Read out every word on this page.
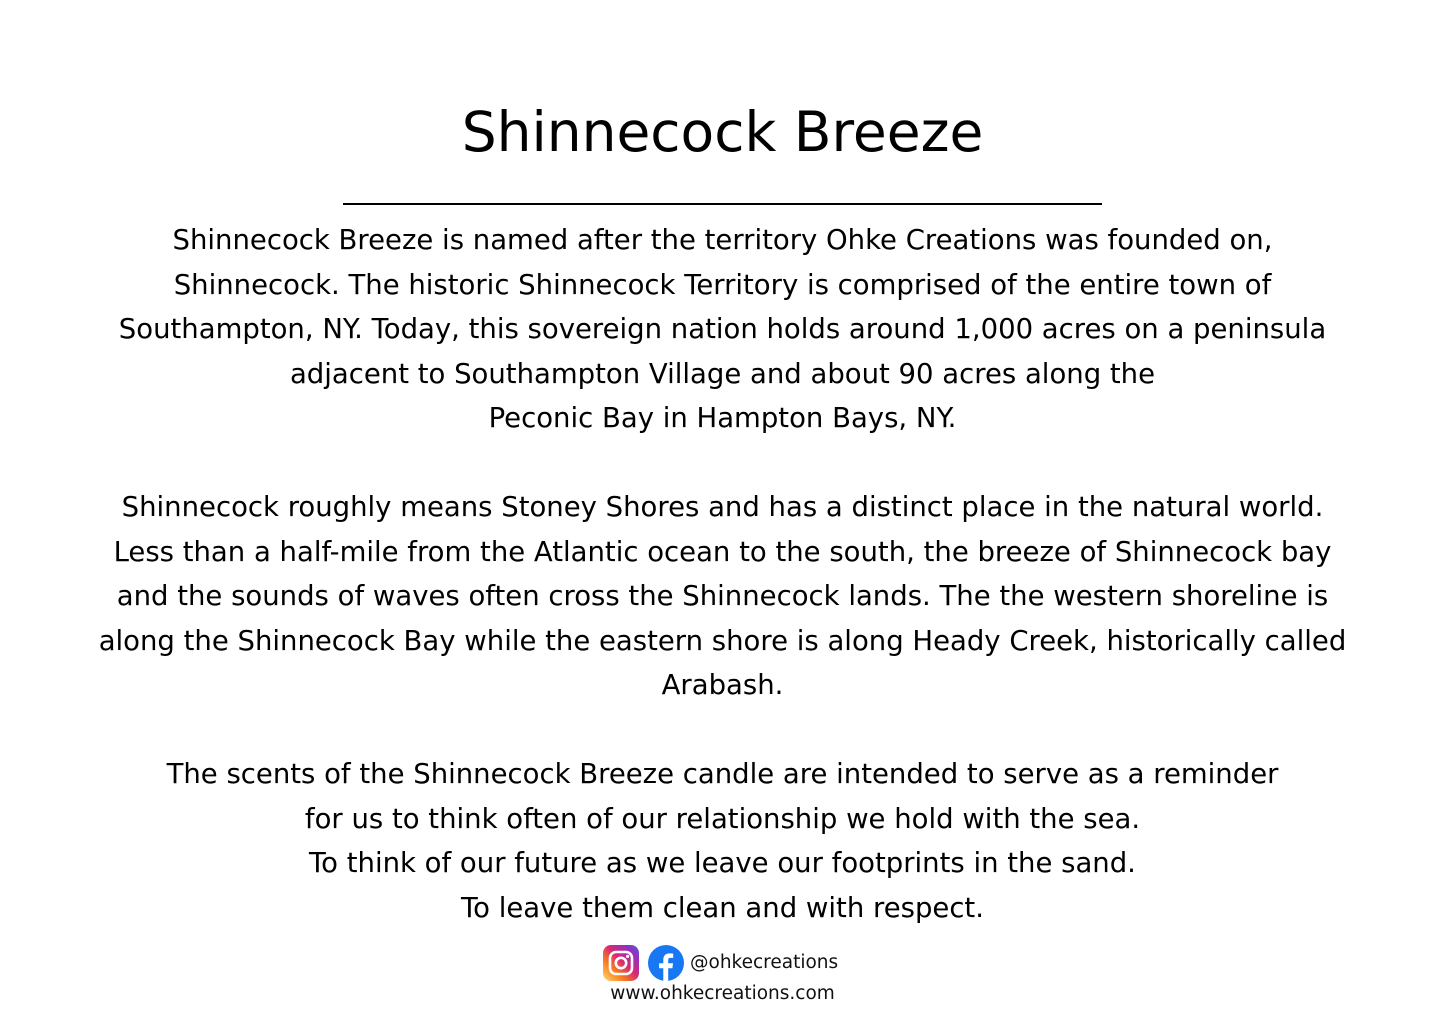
Shinnecock Breeze

Shinnecock Breeze is named after the territory Ohke Creations was founded on,
Shinnecock. The historic Shinnecock Territory is comprised of the entire town of
Southampton, NY. Today, this sovereign nation holds around 1,000 acres on a peninsula
adjacent to Southampton Village and about 90 acres along the
Peconic Bay in Hampton Bays, NY.

Shinnecock roughly means Stoney Shores and has a distinct place in the natural world.
Less than a half-mile from the Atlantic ocean to the south, the breeze of Shinnecock bay
and the sounds of waves often cross the Shinnecock lands. The the western shoreline is
along the Shinnecock Bay while the eastern shore is along Heady Creek, historically called
Arabash.

The scents of the Shinnecock Breeze candle are intended to serve as a reminder
for us to think often of our relationship we hold with the sea.
To think of our future as we leave our footprints in the sand.
To leave them clean and with respect.

@ohkecreations
www.ohkecreations.com
